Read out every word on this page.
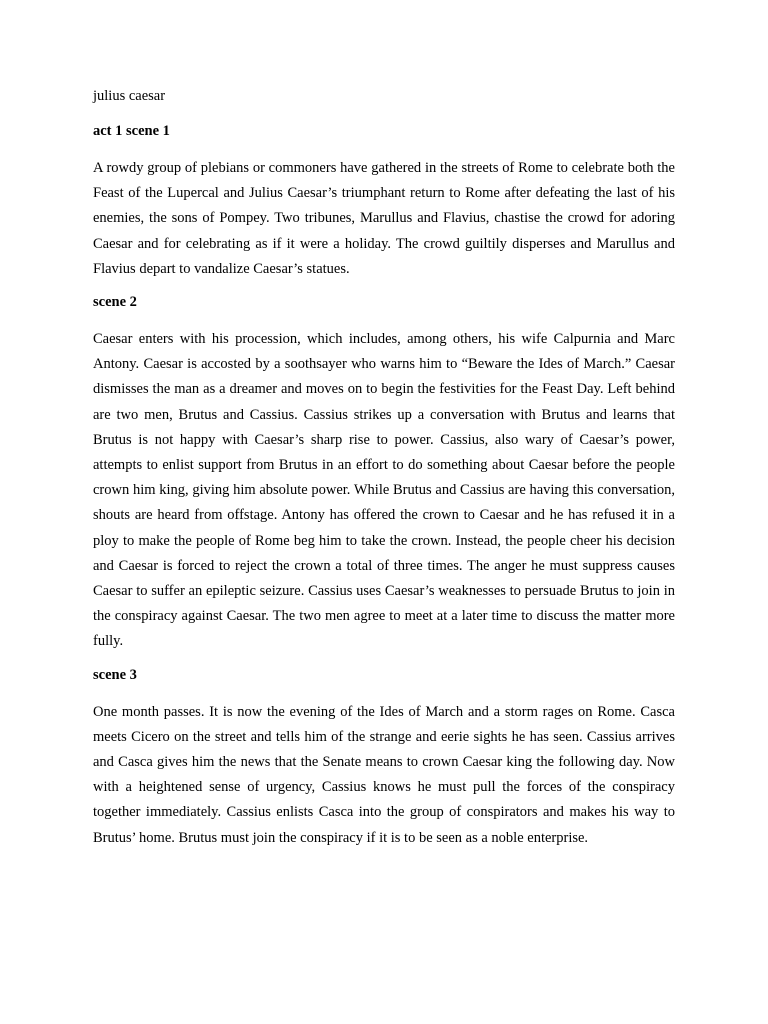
julius caesar
act 1 scene 1

A rowdy group of plebians or commoners have gathered in the streets of Rome to celebrate both the Feast of the Lupercal and Julius Caesar’s triumphant return to Rome after defeating the last of his enemies, the sons of Pompey. Two tribunes, Marullus and Flavius, chastise the crowd for adoring Caesar and for celebrating as if it were a holiday. The crowd guiltily disperses and Marullus and Flavius depart to vandalize Caesar’s statues.

scene 2

Caesar enters with his procession, which includes, among others, his wife Calpurnia and Marc Antony. Caesar is accosted by a soothsayer who warns him to “Beware the Ides of March.” Caesar dismisses the man as a dreamer and moves on to begin the festivities for the Feast Day. Left behind are two men, Brutus and Cassius. Cassius strikes up a conversation with Brutus and learns that Brutus is not happy with Caesar’s sharp rise to power. Cassius, also wary of Caesar’s power, attempts to enlist support from Brutus in an effort to do something about Caesar before the people crown him king, giving him absolute power. While Brutus and Cassius are having this conversation, shouts are heard from offstage. Antony has offered the crown to Caesar and he has refused it in a ploy to make the people of Rome beg him to take the crown. Instead, the people cheer his decision and Caesar is forced to reject the crown a total of three times. The anger he must suppress causes Caesar to suffer an epileptic seizure. Cassius uses Caesar’s weaknesses to persuade Brutus to join in the conspiracy against Caesar. The two men agree to meet at a later time to discuss the matter more fully.

scene 3

One month passes. It is now the evening of the Ides of March and a storm rages on Rome. Casca meets Cicero on the street and tells him of the strange and eerie sights he has seen. Cassius arrives and Casca gives him the news that the Senate means to crown Caesar king the following day. Now with a heightened sense of urgency, Cassius knows he must pull the forces of the conspiracy together immediately. Cassius enlists Casca into the group of conspirators and makes his way to Brutus’ home. Brutus must join the conspiracy if it is to be seen as a noble enterprise.
